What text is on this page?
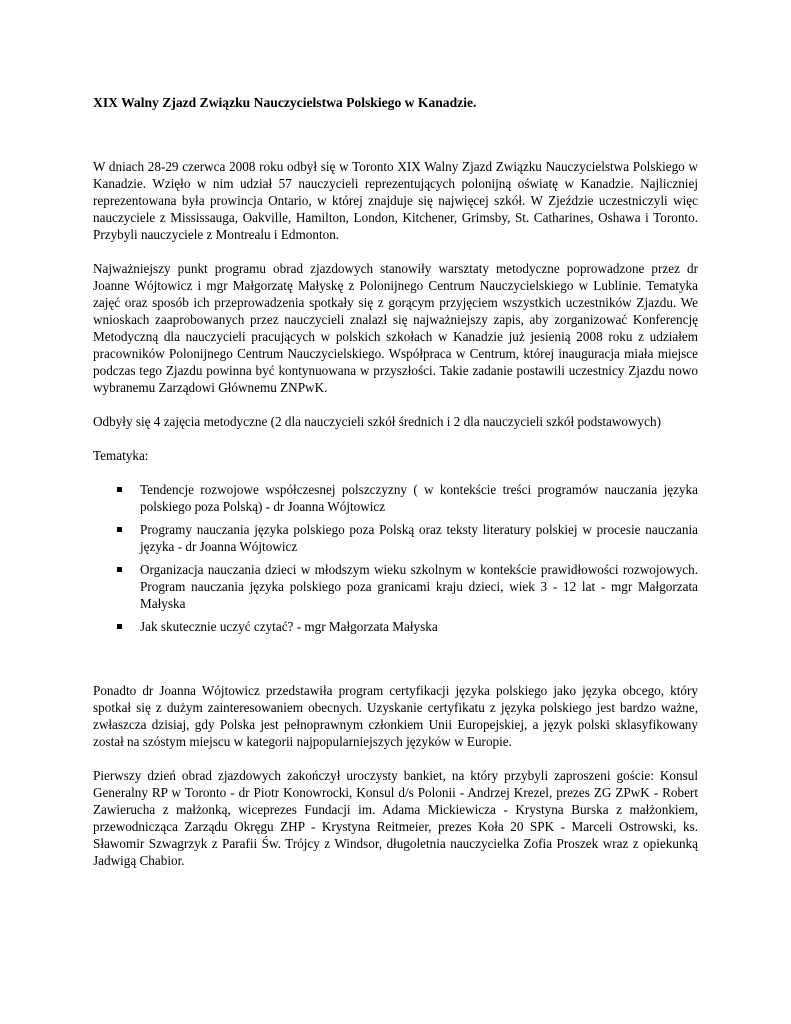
XIX Walny Zjazd Związku Nauczycielstwa Polskiego w Kanadzie.

W dniach 28-29 czerwca 2008 roku odbył się w Toronto XIX Walny Zjazd Związku Nauczycielstwa Polskiego w Kanadzie. Wzięło w nim udział 57 nauczycieli reprezentujących polonijną oświatę w Kanadzie. Najliczniej reprezentowana była prowincja Ontario, w której znajduje się najwięcej szkół. W Zjeździe uczestniczyli więc nauczyciele z Mississauga, Oakville, Hamilton, London, Kitchener, Grimsby, St. Catharines, Oshawa i Toronto. Przybyli nauczyciele z Montrealu i Edmonton.

Najważniejszy punkt programu obrad zjazdowych stanowiły warsztaty metodyczne poprowadzone przez dr Joanne Wójtowicz i mgr Małgorzatę Małyskę z Polonijnego Centrum Nauczycielskiego w Lublinie. Tematyka zajęć oraz sposób ich przeprowadzenia spotkały się z gorącym przyjęciem wszystkich uczestników Zjazdu. We wnioskach zaaprobowanych przez nauczycieli znalazł się najważniejszy zapis, aby zorganizować Konferencję Metodyczną dla nauczycieli pracujących w polskich szkołach w Kanadzie już jesienią 2008 roku z udziałem pracowników Polonijnego Centrum Nauczycielskiego. Współpraca w Centrum, której inauguracja miała miejsce podczas tego Zjazdu powinna być kontynuowana w przyszłości. Takie zadanie postawili uczestnicy Zjazdu nowo wybranemu Zarządowi Głównemu ZNPwK.

Odbyły się 4 zajęcia metodyczne (2 dla nauczycieli szkół średnich i 2 dla nauczycieli szkół podstawowych)

Tematyka:

Tendencje rozwojowe współczesnej polszczyzny ( w kontekście treści programów nauczania języka polskiego poza Polską) - dr Joanna Wójtowicz
Programy nauczania języka polskiego poza Polską oraz teksty literatury polskiej w procesie nauczania języka - dr Joanna Wójtowicz
Organizacja nauczania dzieci w młodszym wieku szkolnym w kontekście prawidłowości rozwojowych. Program nauczania języka polskiego poza granicami kraju dzieci, wiek 3 - 12 lat - mgr Małgorzata Małyska
Jak skutecznie uczyć czytać? - mgr Małgorzata Małyska

Ponadto dr Joanna Wójtowicz przedstawiła program certyfikacji języka polskiego jako języka obcego, który spotkał się z dużym zainteresowaniem obecnych. Uzyskanie certyfikatu z języka polskiego jest bardzo ważne, zwłaszcza dzisiaj, gdy Polska jest pełnoprawnym członkiem Unii Europejskiej, a język polski sklasyfikowany został na szóstym miejscu w kategorii najpopularniejszych języków w Europie.

Pierwszy dzień obrad zjazdowych zakończył uroczysty bankiet, na który przybyli zaproszeni goście: Konsul Generalny RP w Toronto - dr Piotr Konowrocki, Konsul d/s Polonii - Andrzej Krezel, prezes ZG ZPwK - Robert Zawierucha z małżonką, wiceprezes Fundacji im. Adama Mickiewicza - Krystyna Burska z małżonkiem, przewodnicząca Zarządu Okręgu ZHP - Krystyna Reitmeier, prezes Koła 20 SPK - Marceli Ostrowski, ks. Sławomir Szwagrzyk z Parafii Św. Trójcy z Windsor, długoletnia nauczycielka Zofia Proszek wraz z opiekunką Jadwigą Chabior.
